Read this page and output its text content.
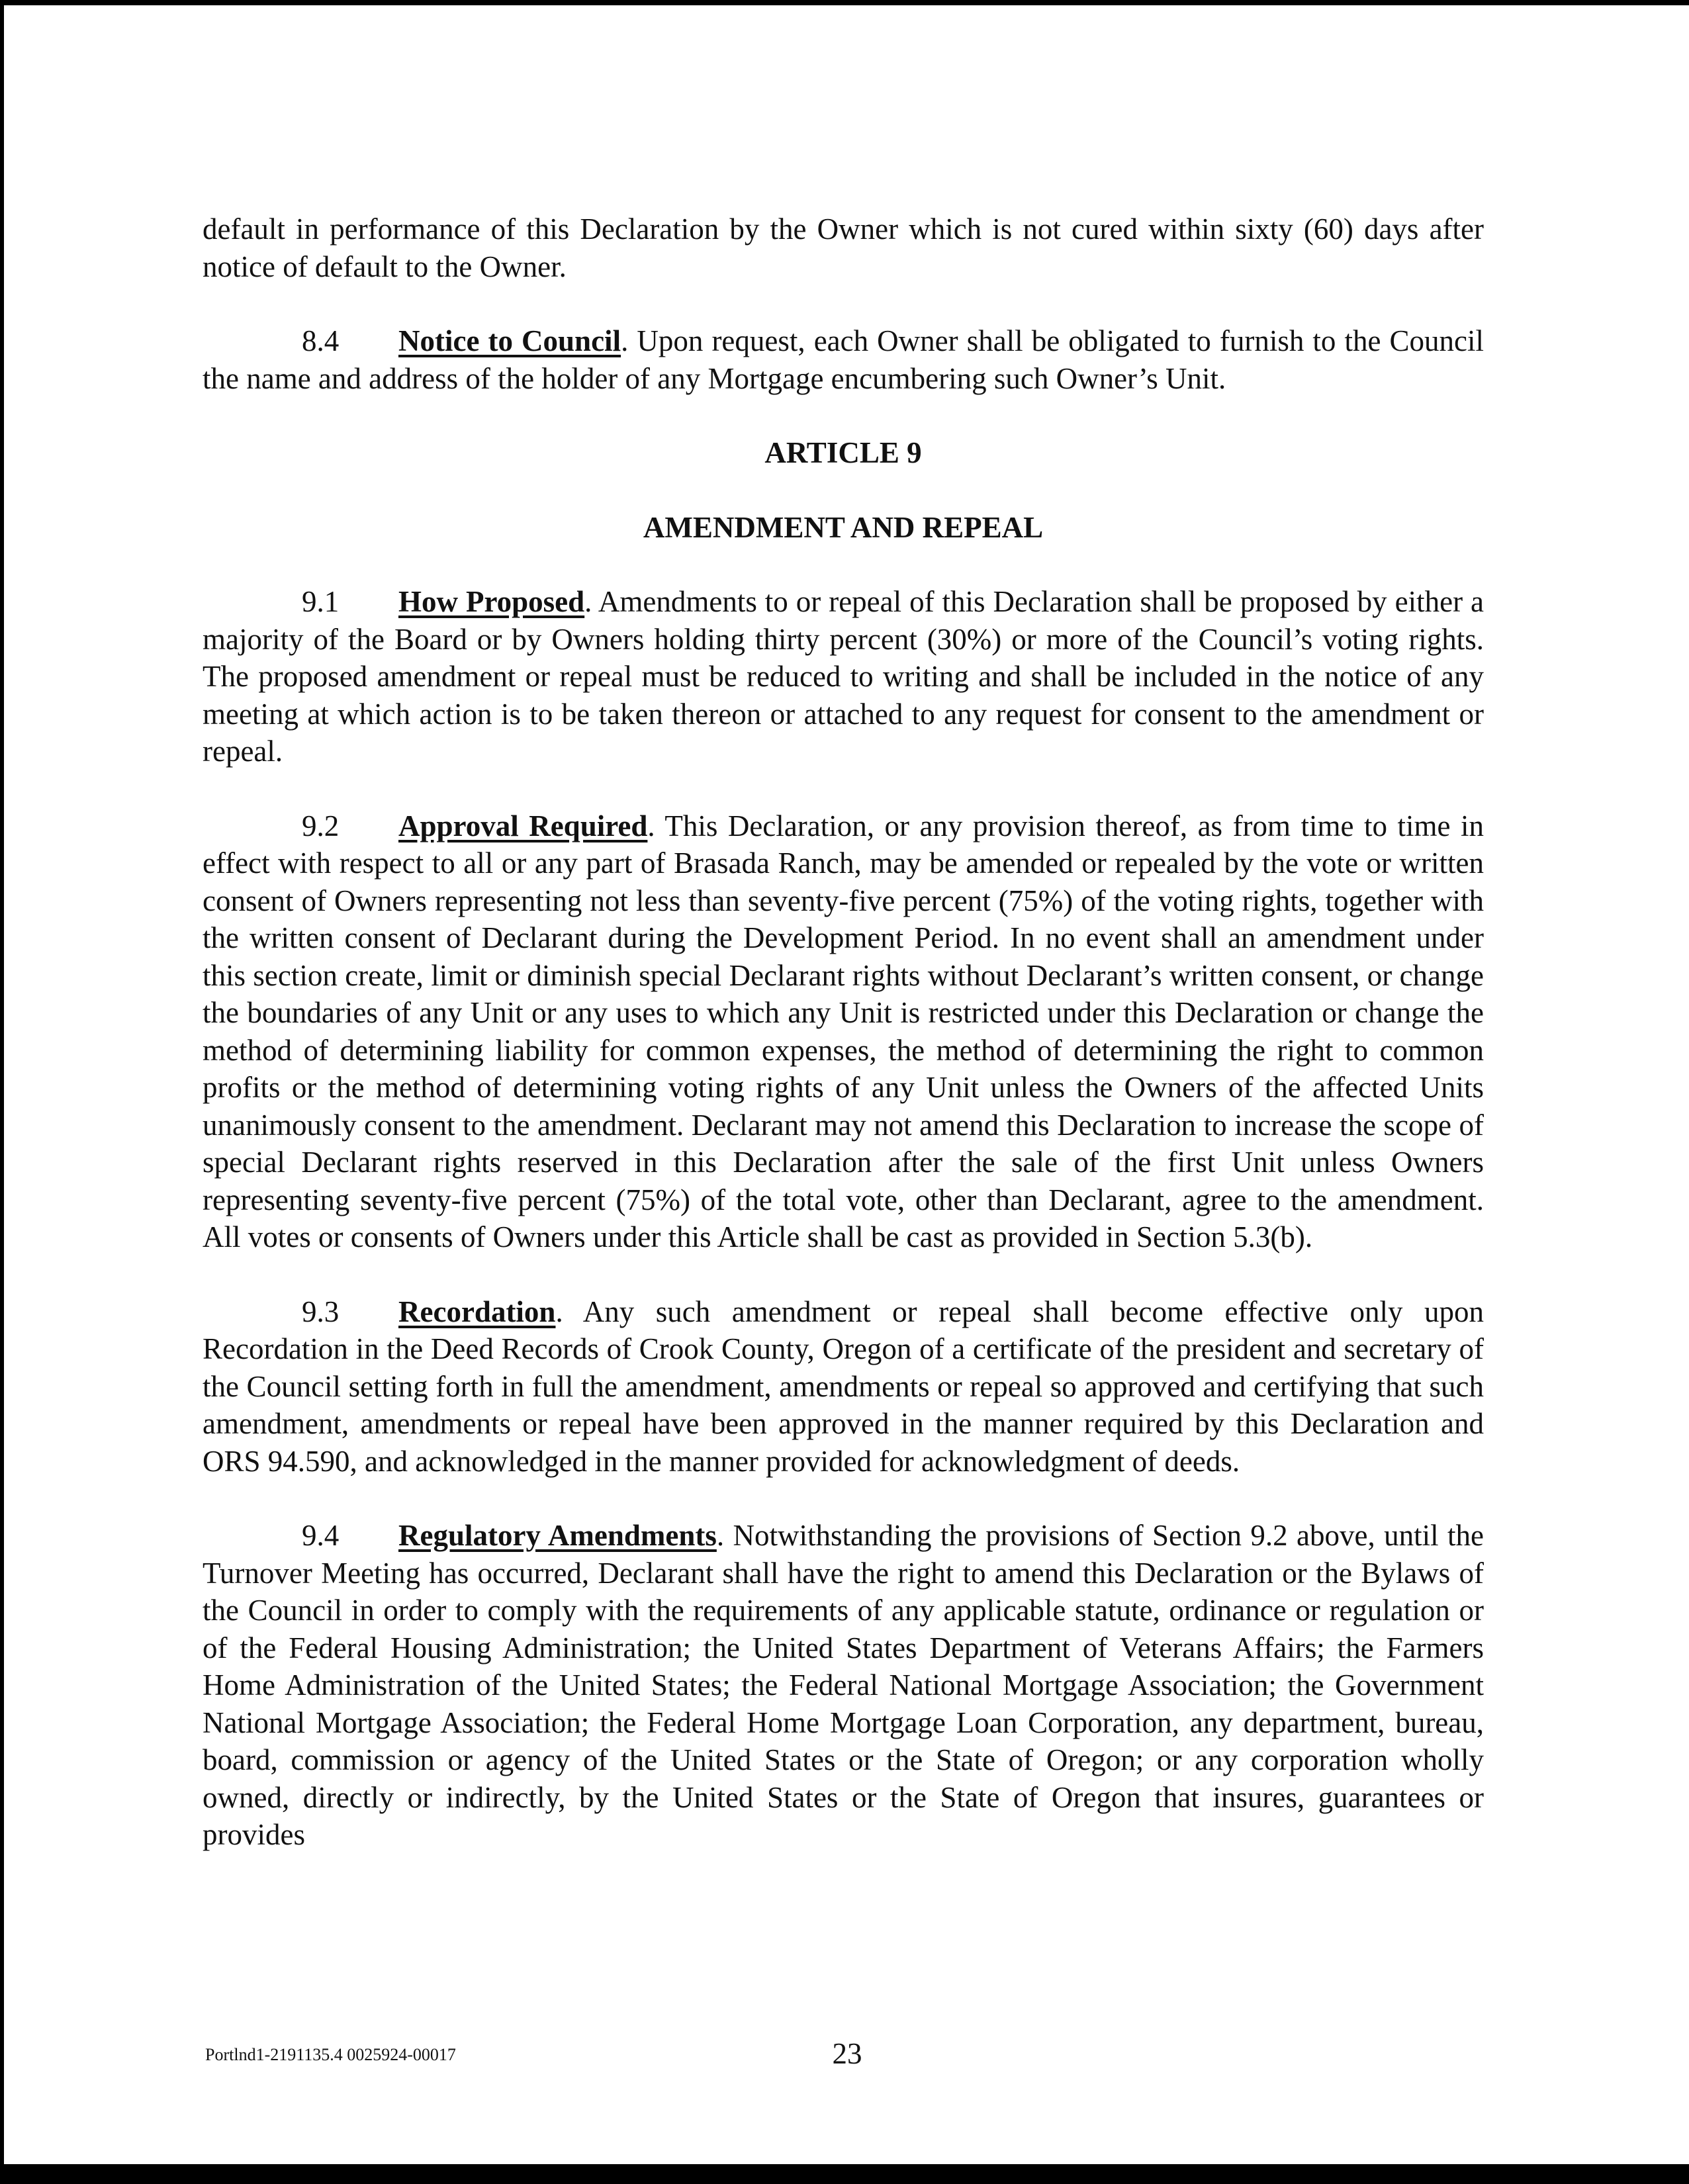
default in performance of this Declaration by the Owner which is not cured within sixty (60) days after notice of default to the Owner.

8.4 Notice to Council. Upon request, each Owner shall be obligated to furnish to the Council the name and address of the holder of any Mortgage encumbering such Owner’s Unit.

ARTICLE 9
AMENDMENT AND REPEAL

9.1 How Proposed. Amendments to or repeal of this Declaration shall be proposed by either a majority of the Board or by Owners holding thirty percent (30%) or more of the Council’s voting rights. The proposed amendment or repeal must be reduced to writing and shall be included in the notice of any meeting at which action is to be taken thereon or attached to any request for consent to the amendment or repeal.

9.2 Approval Required. This Declaration, or any provision thereof, as from time to time in effect with respect to all or any part of Brasada Ranch, may be amended or repealed by the vote or written consent of Owners representing not less than seventy-five percent (75%) of the voting rights, together with the written consent of Declarant during the Development Period. In no event shall an amendment under this section create, limit or diminish special Declarant rights without Declarant’s written consent, or change the boundaries of any Unit or any uses to which any Unit is restricted under this Declaration or change the method of determining liability for common expenses, the method of determining the right to common profits or the method of determining voting rights of any Unit unless the Owners of the affected Units unanimously consent to the amendment. Declarant may not amend this Declaration to increase the scope of special Declarant rights reserved in this Declaration after the sale of the first Unit unless Owners representing seventy-five percent (75%) of the total vote, other than Declarant, agree to the amendment. All votes or consents of Owners under this Article shall be cast as provided in Section 5.3(b).

9.3 Recordation. Any such amendment or repeal shall become effective only upon Recordation in the Deed Records of Crook County, Oregon of a certificate of the president and secretary of the Council setting forth in full the amendment, amendments or repeal so approved and certifying that such amendment, amendments or repeal have been approved in the manner required by this Declaration and ORS 94.590, and acknowledged in the manner provided for acknowledgment of deeds.

9.4 Regulatory Amendments. Notwithstanding the provisions of Section 9.2 above, until the Turnover Meeting has occurred, Declarant shall have the right to amend this Declaration or the Bylaws of the Council in order to comply with the requirements of any applicable statute, ordinance or regulation or of the Federal Housing Administration; the United States Department of Veterans Affairs; the Farmers Home Administration of the United States; the Federal National Mortgage Association; the Government National Mortgage Association; the Federal Home Mortgage Loan Corporation, any department, bureau, board, commission or agency of the United States or the State of Oregon; or any corporation wholly owned, directly or indirectly, by the United States or the State of Oregon that insures, guarantees or provides

Portlnd1-2191135.4 0025924-00017	23
